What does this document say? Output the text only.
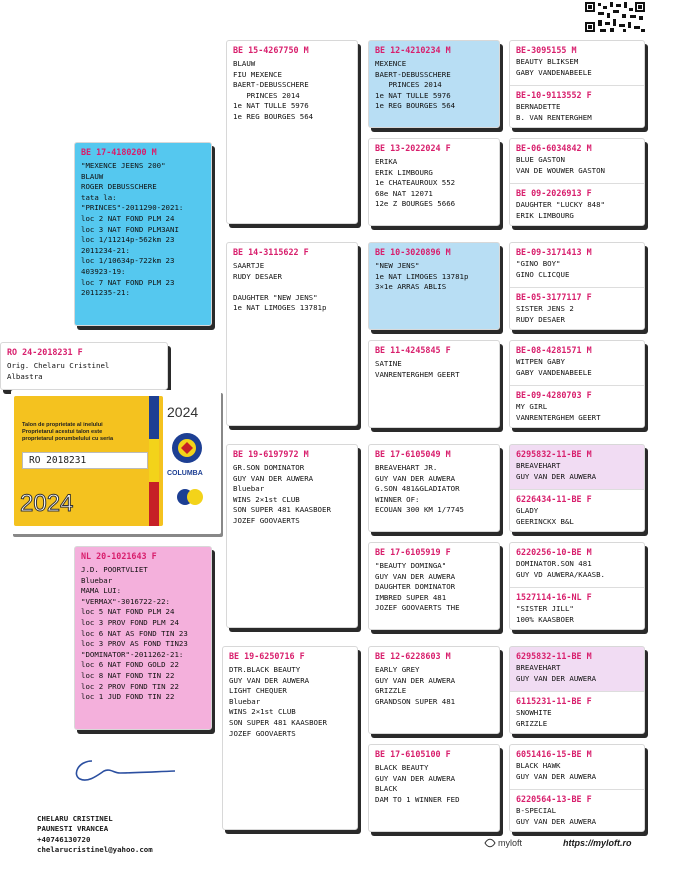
BE 15-4267750 M
BLAUW
FIU MEXENCE
BAERT-DEBUSSCHERE
PRINCES 2014
1e NAT TULLE 5976
1e REG BOURGES 564
BE 14-3115622 F
SAARTJE
RUDY DESAER

DAUGHTER "NEW JENS"
1e NAT LIMOGES 13781p
BE 19-6197972 M
GR.SON DOMINATOR
GUY VAN DER AUWERA
Bluebar
WINS 2×1st CLUB
SON SUPER 481 KAASBOER
JOZEF GOOVAERTS
BE 19-6250716 F
DTR.BLACK BEAUTY
GUY VAN DER AUWERA
LIGHT CHEQUER
Bluebar
WINS 2×1st CLUB
SON SUPER 481 KAASBOER
JOZEF GOOVAERTS
BE 12-4210234 M
MEXENCE
BAERT-DEBUSSCHERE
PRINCES 2014
1e NAT TULLE 5976
1e REG BOURGES 564
BE 13-2022024 F
ERIKA
ERIK LIMBOURG
1e CHATEAUROUX 552
68e NAT 12071
12e Z BOURGES 5666
BE 10-3020896 M
"NEW JENS"
1e NAT LIMOGES 13781p
3×1e ARRAS ABLIS
BE 11-4245845 F
SATINE
VANRENTERGHEM GEERT
BE 17-6105049 M
BREAVEHART JR.
GUY VAN DER AUWERA
G.SON 481&GLADIATOR
WINNER OF:
ECOUAN 300 KM 1/7745
BE 17-6105919 F
"BEAUTY DOMINGA"
GUY VAN DER AUWERA
DAUGHTER DOMINATOR
IMBRED SUPER 481
JOZEF GOOVAERTS THE
BE 12-6228603 M
EARLY GREY
GUY VAN DER AUWERA
GRIZZLE
GRANDSON SUPER 481
BE 17-6105100 F
BLACK BEAUTY
GUY VAN DER AUWERA
BLACK
DAM TO 1 WINNER FED
BE-3095155 M
BEAUTY BLIKSEM
GABY VANDENABEELE
BE-10-9113552 F
BERNADETTE
B. VAN RENTERGHEM
BE-06-6034842 M
BLUE GASTON
VAN DE WOUWER GASTON
BE 09-2026913 F
DAUGHTER "LUCKY 848"
ERIK LIMBOURG
BE-09-3171413 M
"GINO BOY"
GINO CLICQUE
BE-05-3177117 F
SISTER JENS 2
RUDY DESAER
BE-08-4281571 M
WITPEN GABY
GABY VANDENABEELE
BE-09-4280703 F
MY GIRL
VANRENTERGHEM GEERT
6295832-11-BE M
BREAVEHART
GUY VAN DER AUWERA
6226434-11-BE F
GLADY
GEERINCKX B&L
6220256-10-BE M
DOMINATOR.SON 481
GUY VD AUWERA/KAASB.
1527114-16-NL F
"SISTER JILL"
100% KAASBOER
6295832-11-BE M
BREAVEHART
GUY VAN DER AUWERA
6115231-11-BE F
SNOWHITE
GRIZZLE
6051416-15-BE M
BLACK HAWK
GUY VAN DER AUWERA
6220564-13-BE F
B-SPECIAL
GUY VAN DER AUWERA
BE 17-4180200 M
"MEXENCE JEENS 200"
BLAUW
ROGER DEBUSSCHERE
tata la:
"PRINCES"-2011290-2021:
loc 2 NAT FOND PLM 24
loc 3 NAT FOND PLM3ANI
loc 1/11214p-562km 23
2011234-21:
loc 1/10634p-722km 23
403923-19:
loc 7 NAT FOND PLM 23
2011235-21:
RO 24-2018231 F
Orig. Chelaru Cristinel
Albastra
Talon de proprietate al inelului
Proprietarul acestui talon este
proprietarul porumbelului cu seria
RO 2018231
2024
2024
COLUMBA
NL 20-1021643 F
J.D. POORTVLIET
Bluebar
MAMA LUI:
"VERMAX"-3016722-22:
loc 5 NAT FOND PLM 24
loc 3 PROV FOND PLM 24
loc 6 NAT AS FOND TIN 23
loc 3 PROV AS FOND TIN23
"DOMINATOR"-2011262-21:
loc 6 NAT FOND GOLD 22
loc 8 NAT FOND TIN 22
loc 2 PROV FOND TIN 22
loc 1 JUD FOND TIN 22
CHELARU CRISTINEL
PAUNESTI VRANCEA
+40746130720
chelarucristinel@yahoo.com
myloft	https://myloft.ro
